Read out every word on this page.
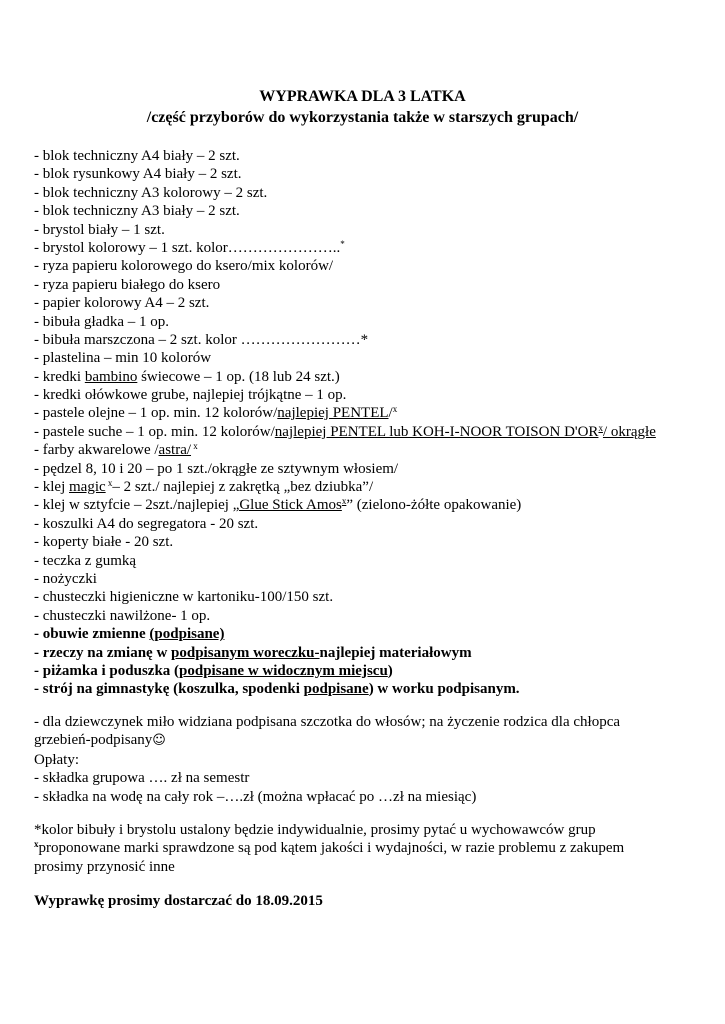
WYPRAWKA DLA 3 LATKA
/część przyborów do wykorzystania także w starszych grupach/
- blok techniczny A4 biały – 2 szt.
- blok rysunkowy A4 biały – 2 szt.
- blok techniczny A3 kolorowy – 2 szt.
- blok techniczny A3 biały – 2 szt.
- brystol biały – 1 szt.
- brystol kolorowy – 1 szt. kolor…………………..*
- ryza papieru kolorowego do ksero/mix kolorów/
- ryza papieru białego do ksero
- papier kolorowy A4 – 2 szt.
- bibuła gładka – 1 op.
- bibuła marszczona – 2 szt. kolor ……………………*
- plastelina – min 10 kolorów
- kredki bambino świecowe – 1 op. (18 lub 24 szt.)
- kredki ołówkowe grube, najlepiej trójkątne – 1 op.
- pastele olejne – 1 op. min. 12 kolorów/najlepiej PENTEL/$^x$
- pastele suche – 1 op. min. 12 kolorów/najlepiej PENTEL lub KOH-I-NOOR TOISON $D'OR^x/$ okrągłe
- farby akwarelowe /astra/ $^x$
- pędzel 8, 10 i 20 – po 1 szt./okrągłe ze sztywnym włosiem/
- klej magic $^x$– 2 szt./ najlepiej z zakrętką „bez dziubka”/
- klej w sztyfcie – 2szt./najlepiej „Glue Stick Amos$^x$” (zielono-żółte opakowanie)
- koszulki A4 do segregatora - 20 szt.
- koperty białe - 20 szt.
- teczka z gumką
- nożyczki
- chusteczki higieniczne w kartoniku-100/150 szt.
- chusteczki nawilżone- 1 op.
- obuwie zmienne (podpisane)
- rzeczy na zmianę w podpisanym woreczku-najlepiej materiałowym
- piżamka i poduszka (podpisane w widocznym miejscu)
- strój na gimnastykę (koszulka, spodenki podpisane) w worku podpisanym.
- dla dziewczynek miło widziana podpisana szczotka do włosów; na życzenie rodzica dla chłopca
grzebień-podpisany☺
Opłaty:
- składka grupowa …. zł na semestr
- składka na wodę na cały rok –….zł (można wpłacać po …zł na miesiąc)
*kolor bibuły i brystolu ustalony będzie indywidualnie, prosimy pytać u wychowawców grup
$^x$proponowane marki sprawdzone są pod kątem jakości i wydajności, w razie problemu z zakupem
prosimy przynosić inne
Wyprawkę prosimy dostarczać do 18.09.2015
